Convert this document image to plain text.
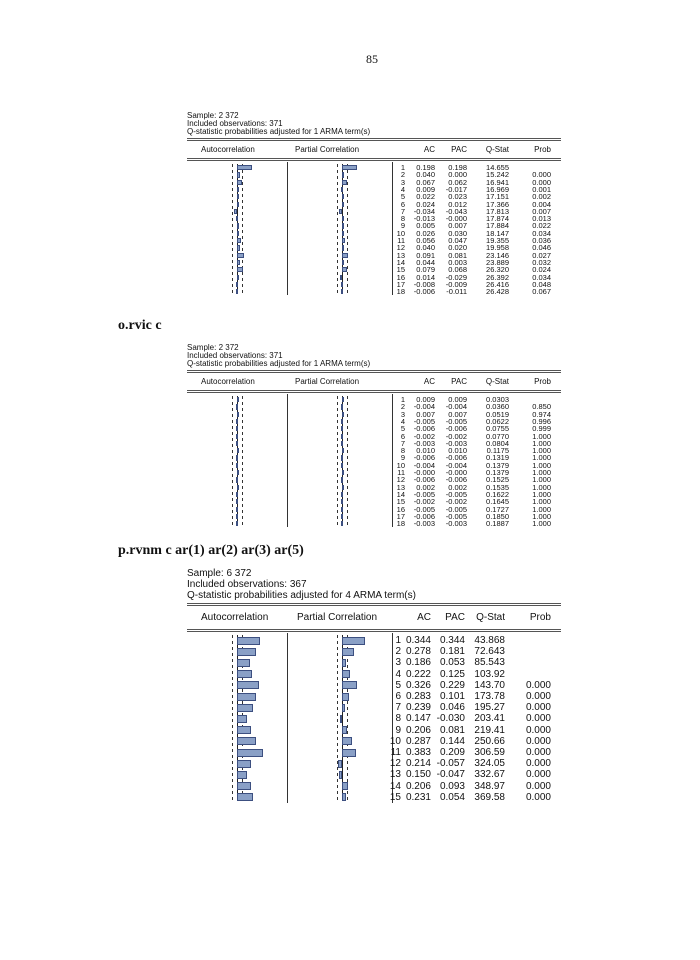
85
Sample: 2 372
Included observations: 371
Q-statistic probabilities adjusted for 1 ARMA term(s)
Autocorrelation	Partial Correlation	AC PAC Q-Stat	Prob
1 0.198 0.198	14.655
2 0.040 0.000	15.242	0.000
3 0.067 0.062	16.941	0.000
4 0.009 -0.017	16.969	0.001
5 0.022 0.023	17.151	0.002
6 0.024 0.012	17.366	0.004
7 -0.034 -0.043	17.813	0.007
8 -0.013 -0.000	17.874	0.013
9 0.005 0.007	17.884	0.022
10 0.026 0.030	18.147	0.034
11 0.056 0.047	19.355	0.036
12 0.040 0.020	19.958	0.046
13 0.091 0.081	23.146	0.027
14 0.044 0.003	23.889	0.032
15 0.079 0.068	26.320	0.024
16 0.014 -0.029	26.392	0.034
17 -0.008 -0.009	26.416	0.048
18 -0.006 -0.011	26.428	0.067
o.rvic c
Sample: 2 372
Included observations: 371
Q-statistic probabilities adjusted for 1 ARMA term(s)
Autocorrelation	Partial Correlation	AC PAC Q-Stat	Prob
1 0.009 0.009	0.0303
2 -0.004 -0.004	0.0360	0.850
3 0.007 0.007	0.0519	0.974
4 -0.005 -0.005	0.0622	0.996
5 -0.006 -0.006	0.0755	0.999
6 -0.002 -0.002	0.0770	1.000
7 -0.003 -0.003	0.0804	1.000
8 0.010 0.010	0.1175	1.000
9 -0.006 -0.006	0.1319	1.000
10 -0.004 -0.004	0.1379	1.000
11 -0.000 -0.000	0.1379	1.000
12 -0.006 -0.006	0.1525	1.000
13 0.002 0.002	0.1535	1.000
14 -0.005 -0.005	0.1622	1.000
15 -0.002 -0.002	0.1645	1.000
16 -0.005 -0.005	0.1727	1.000
17 -0.006 -0.005	0.1850	1.000
18 -0.003 -0.003	0.1887	1.000
p.rvnm c ar(1) ar(2) ar(3) ar(5)
Sample: 6 372
Included observations: 367
Q-statistic probabilities adjusted for 4 ARMA term(s)
Autocorrelation	Partial Correlation	AC PAC Q-Stat Prob
1 0.344 0.344 43.868
2 0.278 0.181 72.643
3 0.186 0.053 85.543
4 0.222 0.125 103.92
5 0.326 0.229 143.70 0.000
6 0.283 0.101 173.78 0.000
7 0.239 0.046 195.27 0.000
8 0.147 -0.030 203.41 0.000
9 0.206 0.081 219.41 0.000
10 0.287 0.144 250.66 0.000
11 0.383 0.209 306.59 0.000
12 0.214 -0.057 324.05 0.000
13 0.150 -0.047 332.67 0.000
14 0.206 0.093 348.97 0.000
15 0.231 0.054 369.58 0.000
